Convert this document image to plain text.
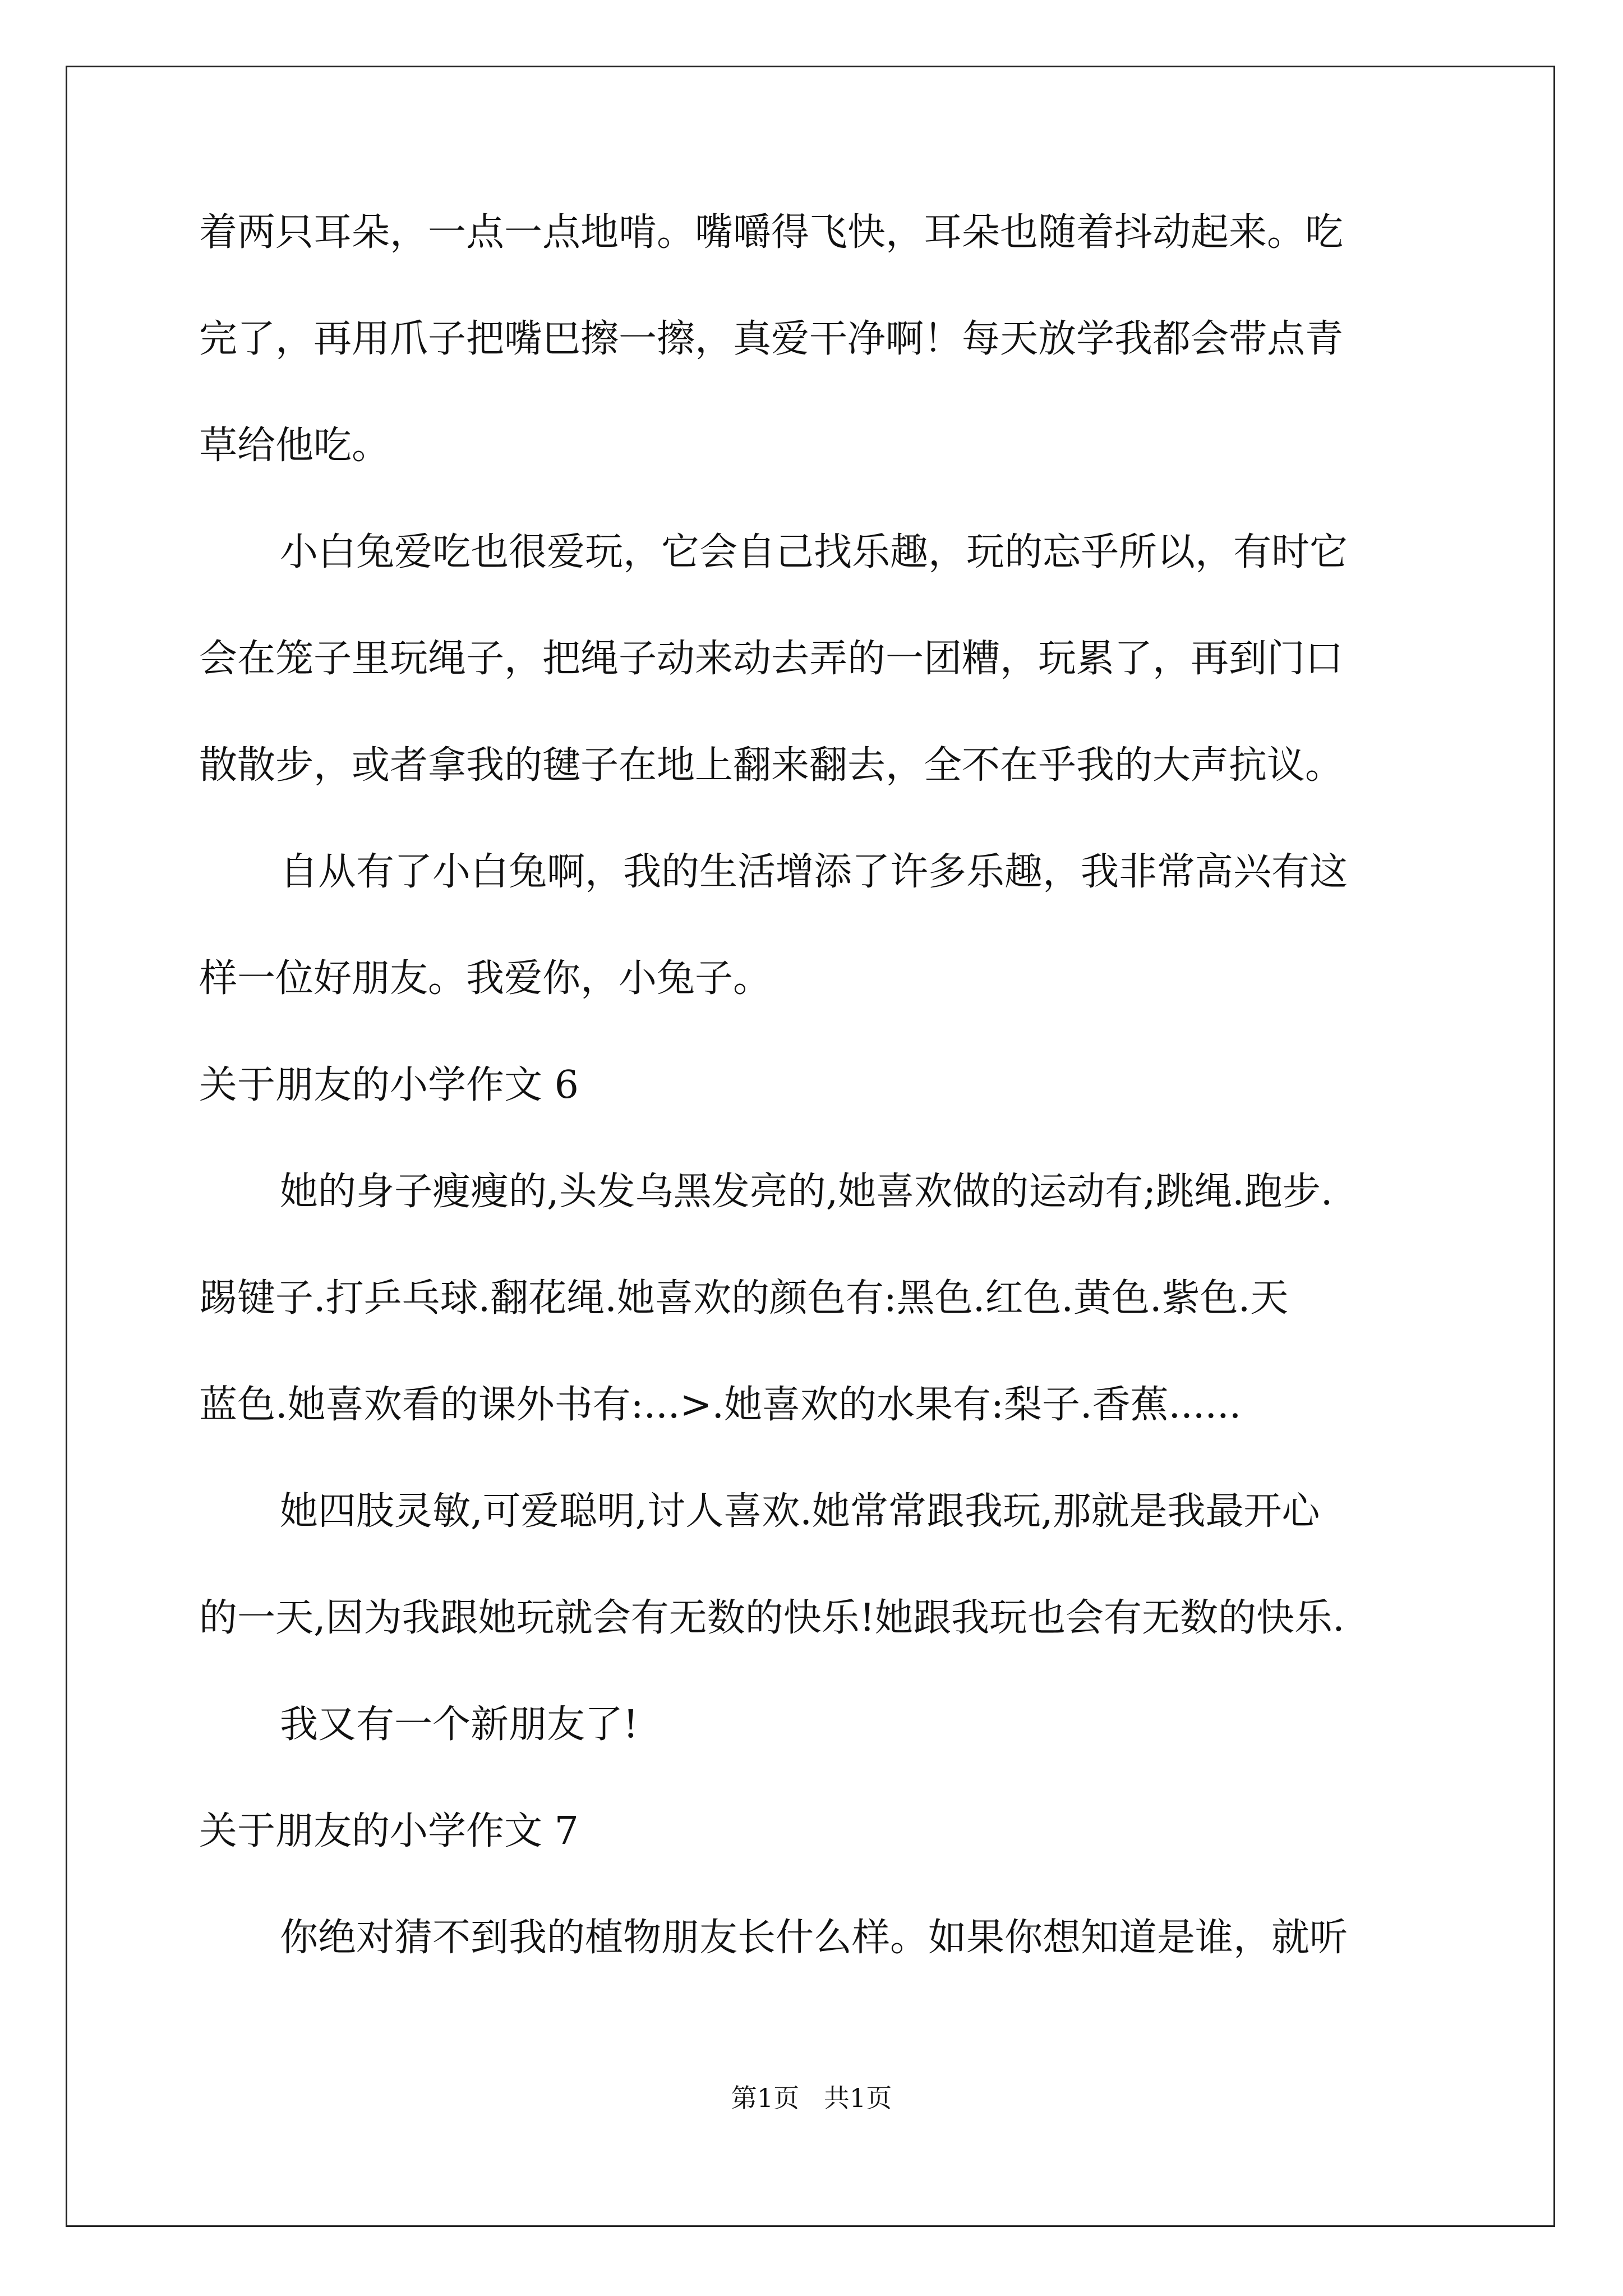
着两只耳朵，一点一点地啃。嘴嚼得飞快，耳朵也随着抖动起来。吃
完了，再用爪子把嘴巴擦一擦，真爱干净啊！每天放学我都会带点青
草给他吃。
小白兔爱吃也很爱玩，它会自己找乐趣，玩的忘乎所以，有时它
会在笼子里玩绳子，把绳子动来动去弄的一团糟，玩累了，再到门口
散散步，或者拿我的毽子在地上翻来翻去，全不在乎我的大声抗议。
自从有了小白兔啊，我的生活增添了许多乐趣，我非常高兴有这
样一位好朋友。我爱你，小兔子。
关于朋友的小学作文 6
她的身子瘦瘦的,头发乌黑发亮的,她喜欢做的运动有;跳绳.跑步.
踢键子.打乒乓球.翻花绳.她喜欢的颜色有:黑色.红色.黄色.紫色.天
蓝色.她喜欢看的课外书有:...>.她喜欢的水果有:梨子.香蕉......
她四肢灵敏,可爱聪明,讨人喜欢.她常常跟我玩,那就是我最开心
的一天,因为我跟她玩就会有无数的快乐!她跟我玩也会有无数的快乐.
我又有一个新朋友了!
关于朋友的小学作文 7
你绝对猜不到我的植物朋友长什么样。如果你想知道是谁，就听
第1页   共1页
